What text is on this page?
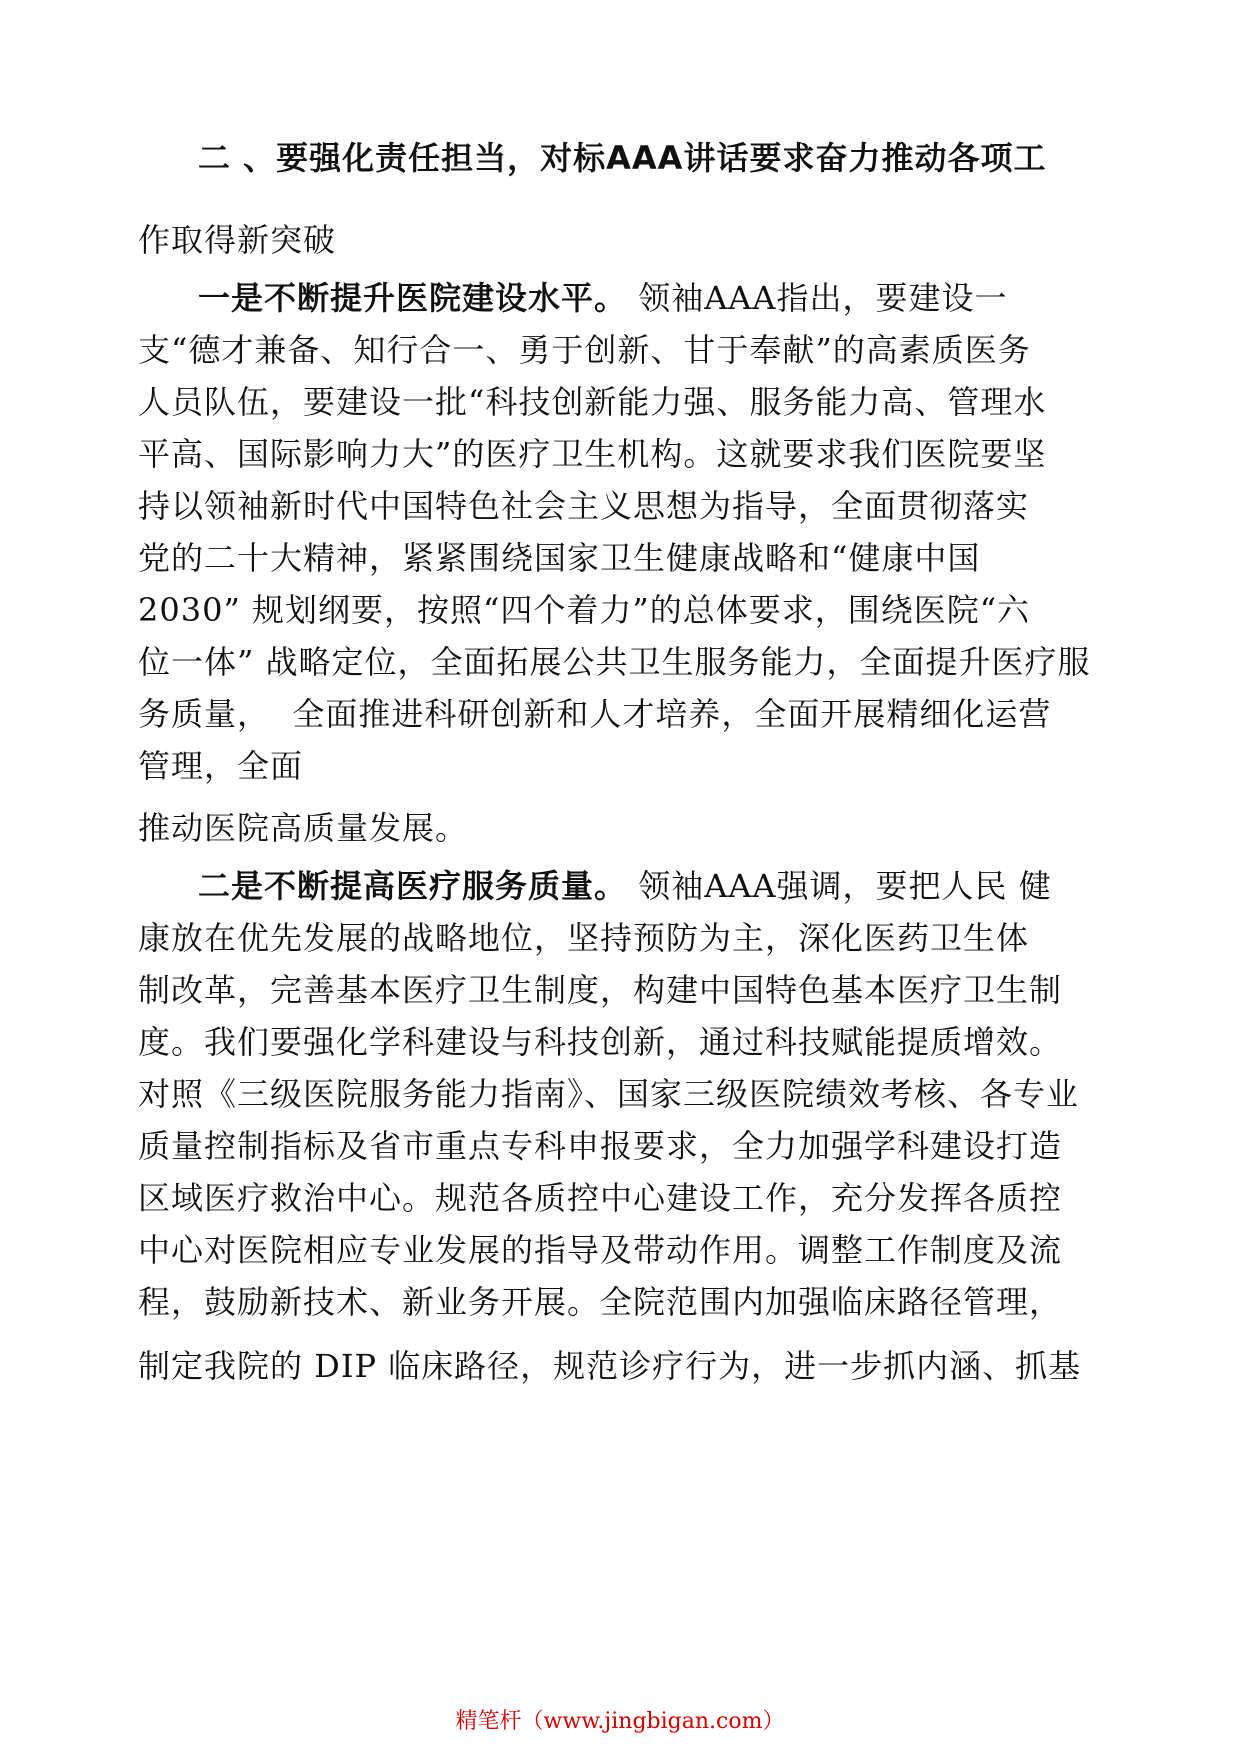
二 、要强化责任担当，对标AAA讲话要求奋力推动各项工
作取得新突破
一是不断提升医院建设水平。 领袖AAA指出，要建设一
支“德才兼备、知行合一、勇于创新、甘于奉献”的高素质医务
人员队伍，要建设一批“科技创新能力强、服务能力高、管理水
平高、国际影响力大”的医疗卫生机构。这就要求我们医院要坚
持以领袖新时代中国特色社会主义思想为指导，全面贯彻落实
党的二十大精神，紧紧围绕国家卫生健康战略和“健康中国
2030” 规划纲要，按照“四个着力”的总体要求，围绕医院“六
位一体” 战略定位，全面拓展公共卫生服务能力，全面提升医疗服
务质量，  全面推进科研创新和人才培养，全面开展精细化运营
管理，全面
推动医院高质量发展。
二是不断提高医疗服务质量。 领袖AAA强调，要把人民 健
康放在优先发展的战略地位，坚持预防为主，深化医药卫生体
制改革，完善基本医疗卫生制度，构建中国特色基本医疗卫生制
度。我们要强化学科建设与科技创新，通过科技赋能提质增效。
对照《三级医院服务能力指南》、国家三级医院绩效考核、各专业
质量控制指标及省市重点专科申报要求，全力加强学科建设打造
区域医疗救治中心。规范各质控中心建设工作，充分发挥各质控
中心对医院相应专业发展的指导及带动作用。调整工作制度及流
程，鼓励新技术、新业务开展。全院范围内加强临床路径管理，
制定我院的 DIP 临床路径，规范诊疗行为，进一步抓内涵、抓基
精笔杆（www.jingbigan.com）
